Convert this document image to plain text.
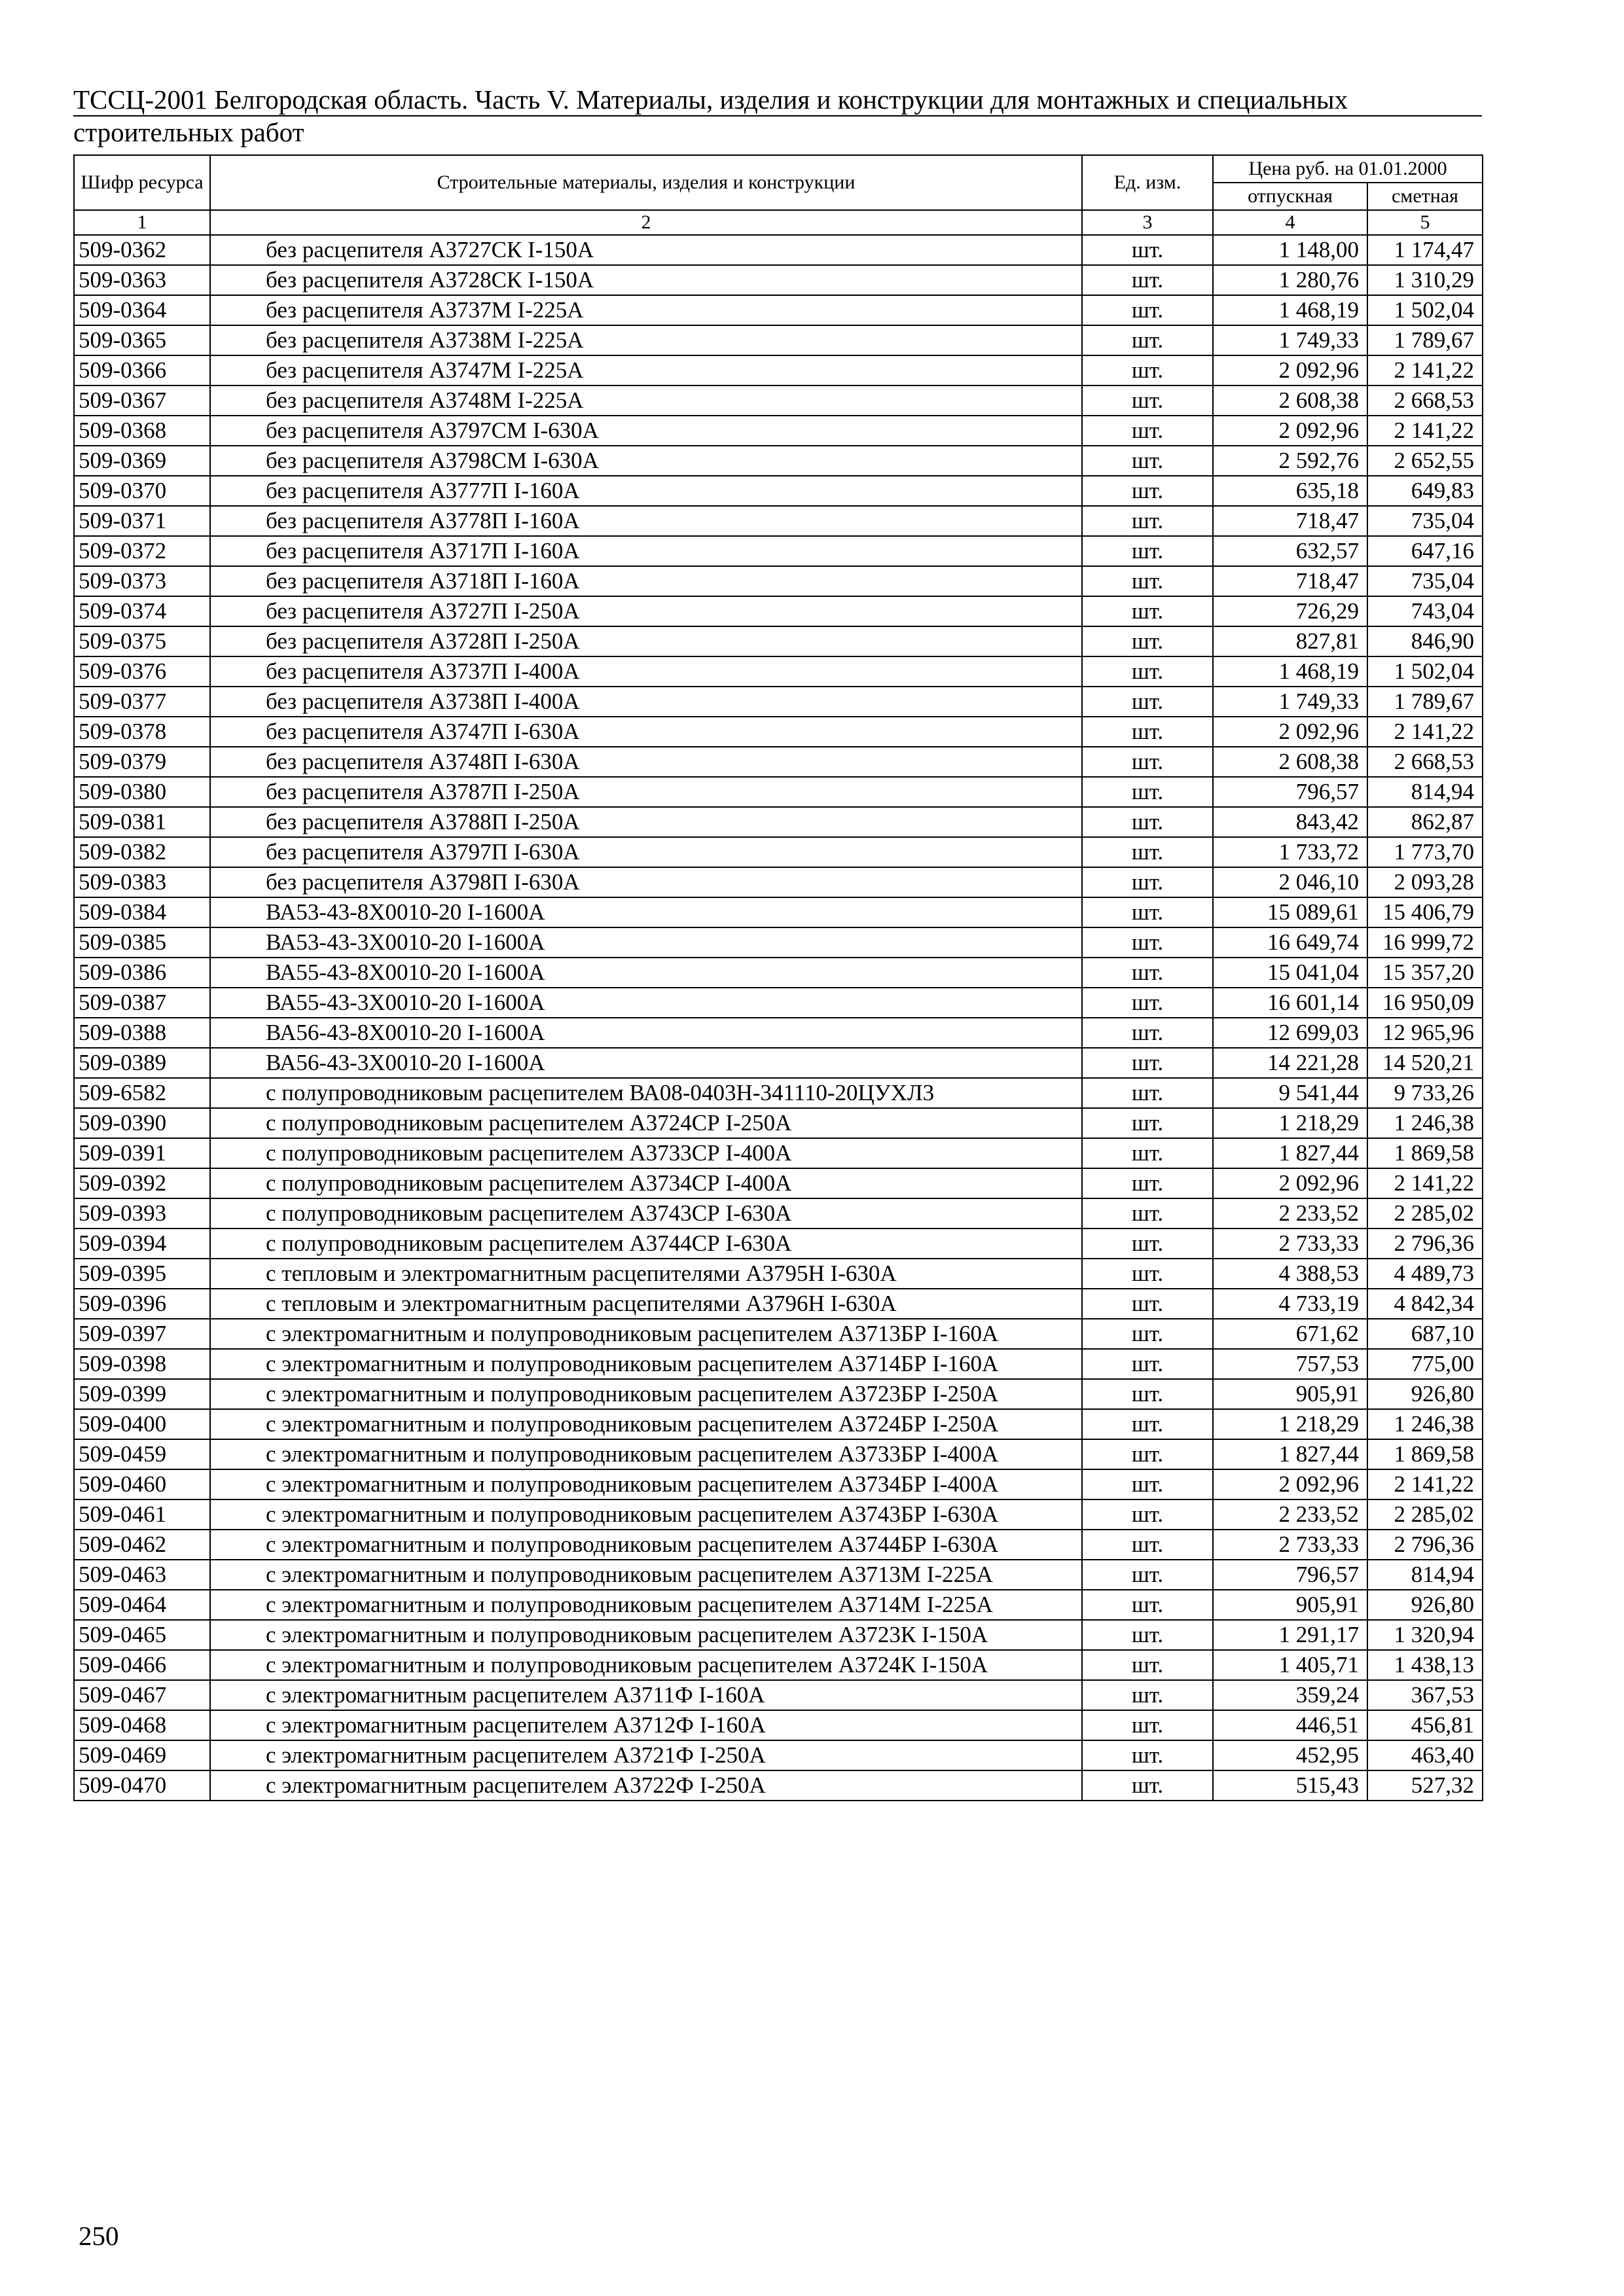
ТССЦ-2001 Белгородская область. Часть V. Материалы, изделия и конструкции для монтажных и специальных
строительных работ
Шифр ресурса	Строительные материалы, изделия и конструкции	Ед. изм.	Цена руб. на 01.01.2000	
			отпускная	сметная
1	2	3	4	5
509-0362	без расцепителя А3727СК I-150А	шт.	1 148,00	1 174,47
509-0363	без расцепителя А3728СК I-150А	шт.	1 280,76	1 310,29
509-0364	без расцепителя А3737М I-225А	шт.	1 468,19	1 502,04
509-0365	без расцепителя А3738М I-225А	шт.	1 749,33	1 789,67
509-0366	без расцепителя А3747М I-225А	шт.	2 092,96	2 141,22
509-0367	без расцепителя А3748М I-225А	шт.	2 608,38	2 668,53
509-0368	без расцепителя А3797СМ I-630А	шт.	2 092,96	2 141,22
509-0369	без расцепителя А3798СМ I-630А	шт.	2 592,76	2 652,55
509-0370	без расцепителя А3777П I-160А	шт.	635,18	649,83
509-0371	без расцепителя А3778П I-160А	шт.	718,47	735,04
509-0372	без расцепителя А3717П I-160А	шт.	632,57	647,16
509-0373	без расцепителя А3718П I-160А	шт.	718,47	735,04
509-0374	без расцепителя А3727П I-250А	шт.	726,29	743,04
509-0375	без расцепителя А3728П I-250А	шт.	827,81	846,90
509-0376	без расцепителя А3737П I-400А	шт.	1 468,19	1 502,04
509-0377	без расцепителя А3738П I-400А	шт.	1 749,33	1 789,67
509-0378	без расцепителя А3747П I-630А	шт.	2 092,96	2 141,22
509-0379	без расцепителя А3748П I-630А	шт.	2 608,38	2 668,53
509-0380	без расцепителя А3787П I-250А	шт.	796,57	814,94
509-0381	без расцепителя А3788П I-250А	шт.	843,42	862,87
509-0382	без расцепителя А3797П I-630А	шт.	1 733,72	1 773,70
509-0383	без расцепителя А3798П I-630А	шт.	2 046,10	2 093,28
509-0384	ВА53-43-8Х0010-20 I-1600А	шт.	15 089,61	15 406,79
509-0385	ВА53-43-3Х0010-20 I-1600А	шт.	16 649,74	16 999,72
509-0386	ВА55-43-8Х0010-20 I-1600А	шт.	15 041,04	15 357,20
509-0387	ВА55-43-3Х0010-20 I-1600А	шт.	16 601,14	16 950,09
509-0388	ВА56-43-8Х0010-20 I-1600А	шт.	12 699,03	12 965,96
509-0389	ВА56-43-3Х0010-20 I-1600А	шт.	14 221,28	14 520,21
509-6582	с полупроводниковым расцепителем ВА08-0403Н-341110-20ЦУХЛ3	шт.	9 541,44	9 733,26
509-0390	с полупроводниковым расцепителем А3724СР I-250А	шт.	1 218,29	1 246,38
509-0391	с полупроводниковым расцепителем А3733СР I-400А	шт.	1 827,44	1 869,58
509-0392	с полупроводниковым расцепителем А3734СР I-400А	шт.	2 092,96	2 141,22
509-0393	с полупроводниковым расцепителем А3743СР I-630А	шт.	2 233,52	2 285,02
509-0394	с полупроводниковым расцепителем А3744СР I-630А	шт.	2 733,33	2 796,36
509-0395	с тепловым и электромагнитным расцепителями А3795Н I-630А	шт.	4 388,53	4 489,73
509-0396	с тепловым и электромагнитным расцепителями А3796Н I-630А	шт.	4 733,19	4 842,34
509-0397	с электромагнитным и полупроводниковым расцепителем А3713БР I-160А	шт.	671,62	687,10
509-0398	с электромагнитным и полупроводниковым расцепителем А3714БР I-160А	шт.	757,53	775,00
509-0399	с электромагнитным и полупроводниковым расцепителем А3723БР I-250А	шт.	905,91	926,80
509-0400	с электромагнитным и полупроводниковым расцепителем А3724БР I-250А	шт.	1 218,29	1 246,38
509-0459	с электромагнитным и полупроводниковым расцепителем А3733БР I-400А	шт.	1 827,44	1 869,58
509-0460	с электромагнитным и полупроводниковым расцепителем А3734БР I-400А	шт.	2 092,96	2 141,22
509-0461	с электромагнитным и полупроводниковым расцепителем А3743БР I-630А	шт.	2 233,52	2 285,02
509-0462	с электромагнитным и полупроводниковым расцепителем А3744БР I-630А	шт.	2 733,33	2 796,36
509-0463	с электромагнитным и полупроводниковым расцепителем А3713М I-225А	шт.	796,57	814,94
509-0464	с электромагнитным и полупроводниковым расцепителем А3714М I-225А	шт.	905,91	926,80
509-0465	с электромагнитным и полупроводниковым расцепителем А3723К I-150А	шт.	1 291,17	1 320,94
509-0466	с электромагнитным и полупроводниковым расцепителем А3724К I-150А	шт.	1 405,71	1 438,13
509-0467	с электромагнитным расцепителем А3711Ф I-160А	шт.	359,24	367,53
509-0468	с электромагнитным расцепителем А3712Ф I-160А	шт.	446,51	456,81
509-0469	с электромагнитным расцепителем А3721Ф I-250А	шт.	452,95	463,40
509-0470	с электромагнитным расцепителем А3722Ф I-250А	шт.	515,43	527,32
250
